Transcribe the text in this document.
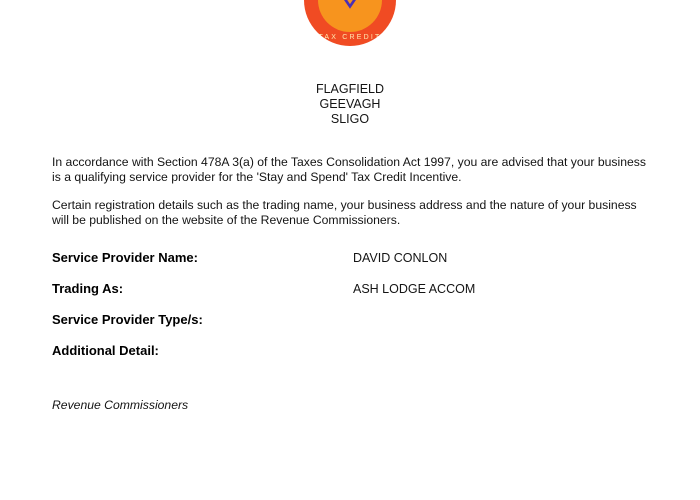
TAX CREDIT
FLAGFIELD
GEEVAGH
SLIGO
In accordance with Section 478A 3(a) of the Taxes Consolidation Act 1997, you are advised that your business is a qualifying service provider for the 'Stay and Spend' Tax Credit Incentive.
Certain registration details such as the trading name, your business address and the nature of your business will be published on the website of the Revenue Commissioners.
Service Provider Name:	DAVID CONLON
Trading As:	ASH LODGE ACCOM
Service Provider Type/s:
Additional Detail:
Revenue Commissioners
